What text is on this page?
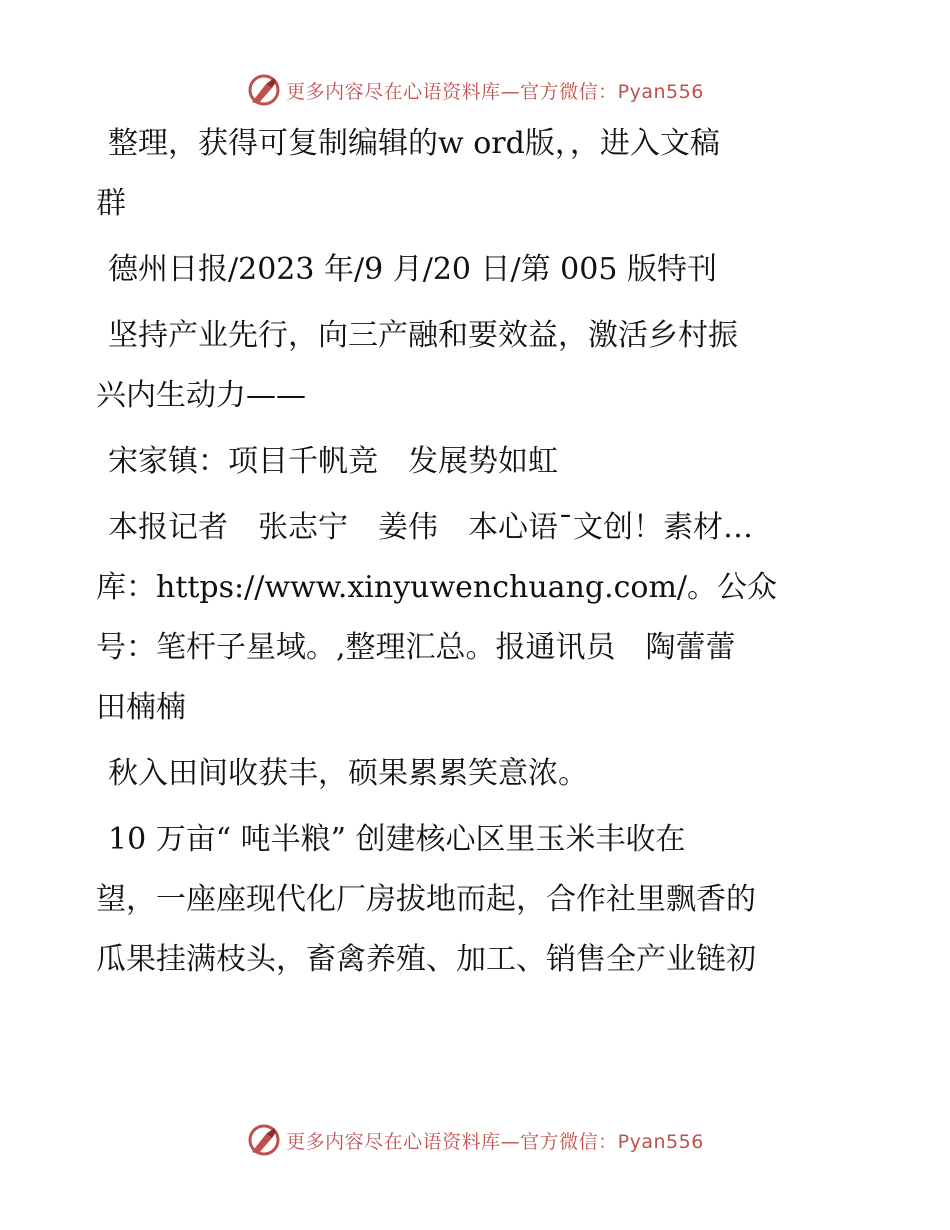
更多内容尽在心语资料库—官方微信：Pyan556

整理，获得可复制编辑的w ord版，，进入文稿
群

德州日报/2023 年/9 月/20 日/第 005 版特刊

坚持产业先行，向三产融和要效益，激活乡村振
兴内生动力——

宋家镇：项目千帆竞　发展势如虹

本报记者　张志宁　姜伟　本心语¯文创！素材…
库：https://www.xinyuwenchuang.com/。公众
号：笔杆子星域。,整理汇总。报通讯员　陶蕾蕾
田楠楠

秋入田间收获丰，硕果累累笑意浓。

10 万亩“ 吨半粮” 创建核心区里玉米丰收在
望，一座座现代化厂房拔地而起，合作社里飘香的
瓜果挂满枝头，畜禽养殖、加工、销售全产业链初

更多内容尽在心语资料库—官方微信：Pyan556
